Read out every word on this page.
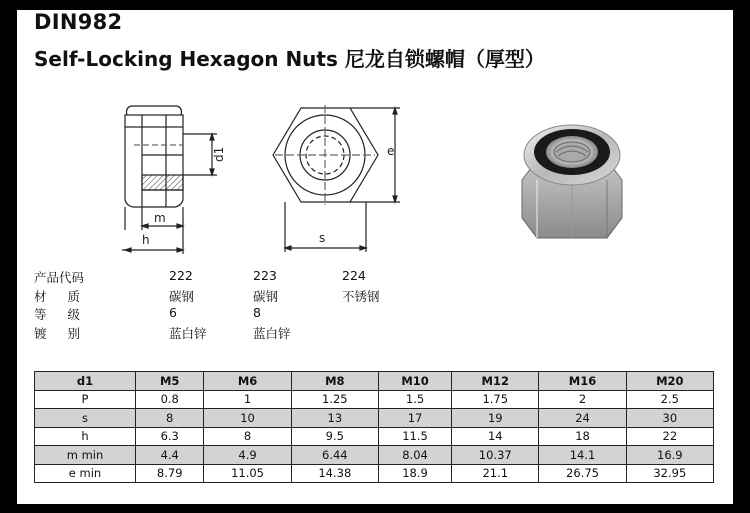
DIN982
Self-Locking Hexagon Nuts 尼龙自锁螺帽（厚型）
d1
m
h
e
s
产品代码	222	223	224
材质	碳钢	碳钢	不锈钢
等级	6	8
镀别	蓝白锌	蓝白锌
d1	M5	M6	M8	M10	M12	M16	M20
P	0.8	1	1.25	1.5	1.75	2	2.5
s	8	10	13	17	19	24	30
h	6.3	8	9.5	11.5	14	18	22
m min	4.4	4.9	6.44	8.04	10.37	14.1	16.9
e min	8.79	11.05	14.38	18.9	21.1	26.75	32.95
